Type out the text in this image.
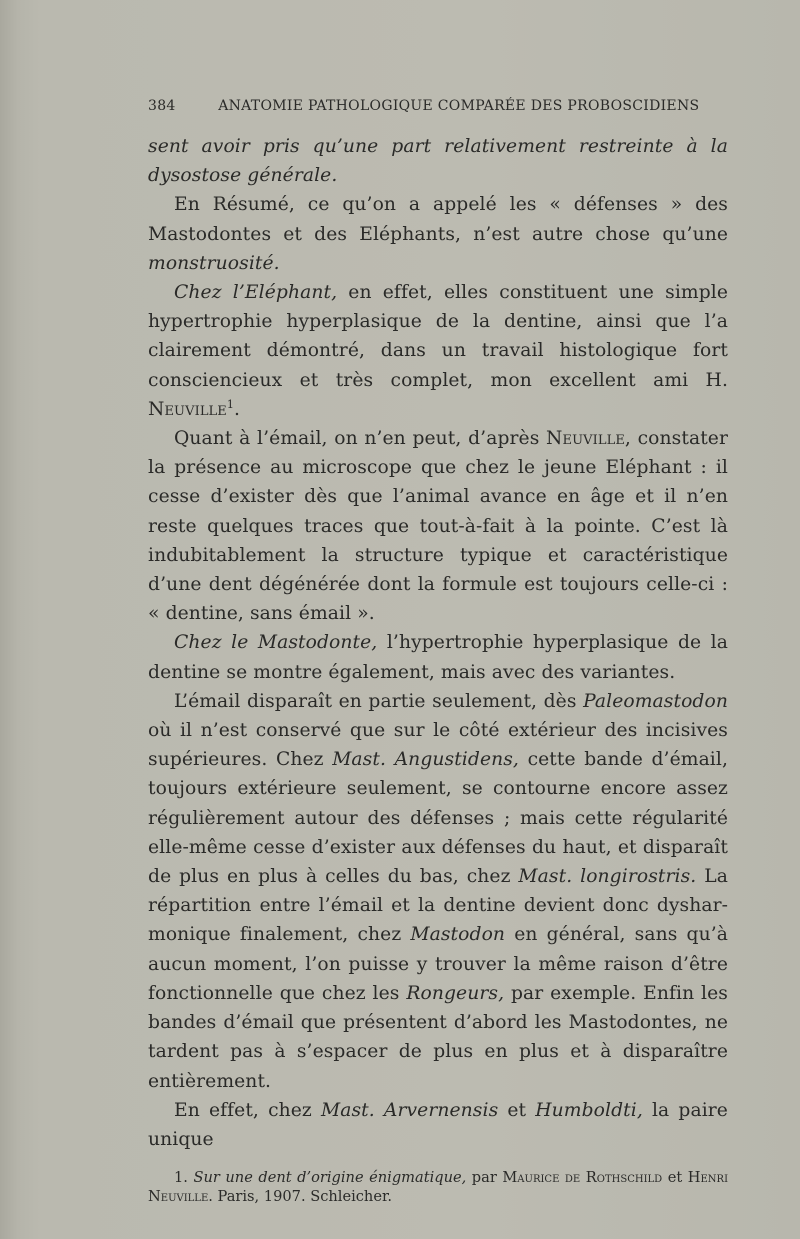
384	ANATOMIE PATHOLOGIQUE COMPARÉE DES PROBOSCIDIENS

sent avoir pris qu’une part relativement restreinte à la dysostose générale.

En Résumé, ce qu’on a appelé les « défenses » des Mastodontes et des Eléphants, n’est autre chose qu’une monstruosité.

Chez l’Eléphant, en effet, elles constituent une simple hypertrophie hyperplasique de la dentine, ainsi que l’a clairement démontré, dans un travail histologique fort consciencieux et très complet, mon excellent ami H. Neuville$^1$.

Quant à l’émail, on n’en peut, d’après Neuville, constater la présence au microscope que chez le jeune Eléphant : il cesse d’exister dès que l’animal avance en âge et il n’en reste quelques traces que tout-à-fait à la pointe. C’est là indubitablement la structure typique et caractéristique d’une dent dégénérée dont la formule est toujours celle-ci : « dentine, sans émail ».

Chez le Mastodonte, l’hypertrophie hyperplasique de la dentine se montre également, mais avec des variantes.

L’émail disparaît en partie seulement, dès Paleomastodon où il n’est conservé que sur le côté extérieur des incisives supérieures. Chez Mast. Angustidens, cette bande d’émail, toujours extérieure seulement, se contourne encore assez régulièrement autour des défenses ; mais cette régularité elle-même cesse d’exister aux défenses du haut, et disparaît de plus en plus à celles du bas, chez Mast. longirostris. La répartition entre l’émail et la dentine devient donc dysharmonique finalement, chez Mastodon en général, sans qu’à aucun moment, l’on puisse y trouver la même raison d’être fonctionnelle que chez les Rongeurs, par exemple. Enfin les bandes d’émail que présentent d’abord les Mastodontes, ne tardent pas à s’espacer de plus en plus et à disparaître entièrement.

En effet, chez Mast. Arvernensis et Humboldti, la paire unique

1. Sur une dent d’origine énigmatique, par Maurice de Rothschild et Henri Neuville. Paris, 1907. Schleicher.
